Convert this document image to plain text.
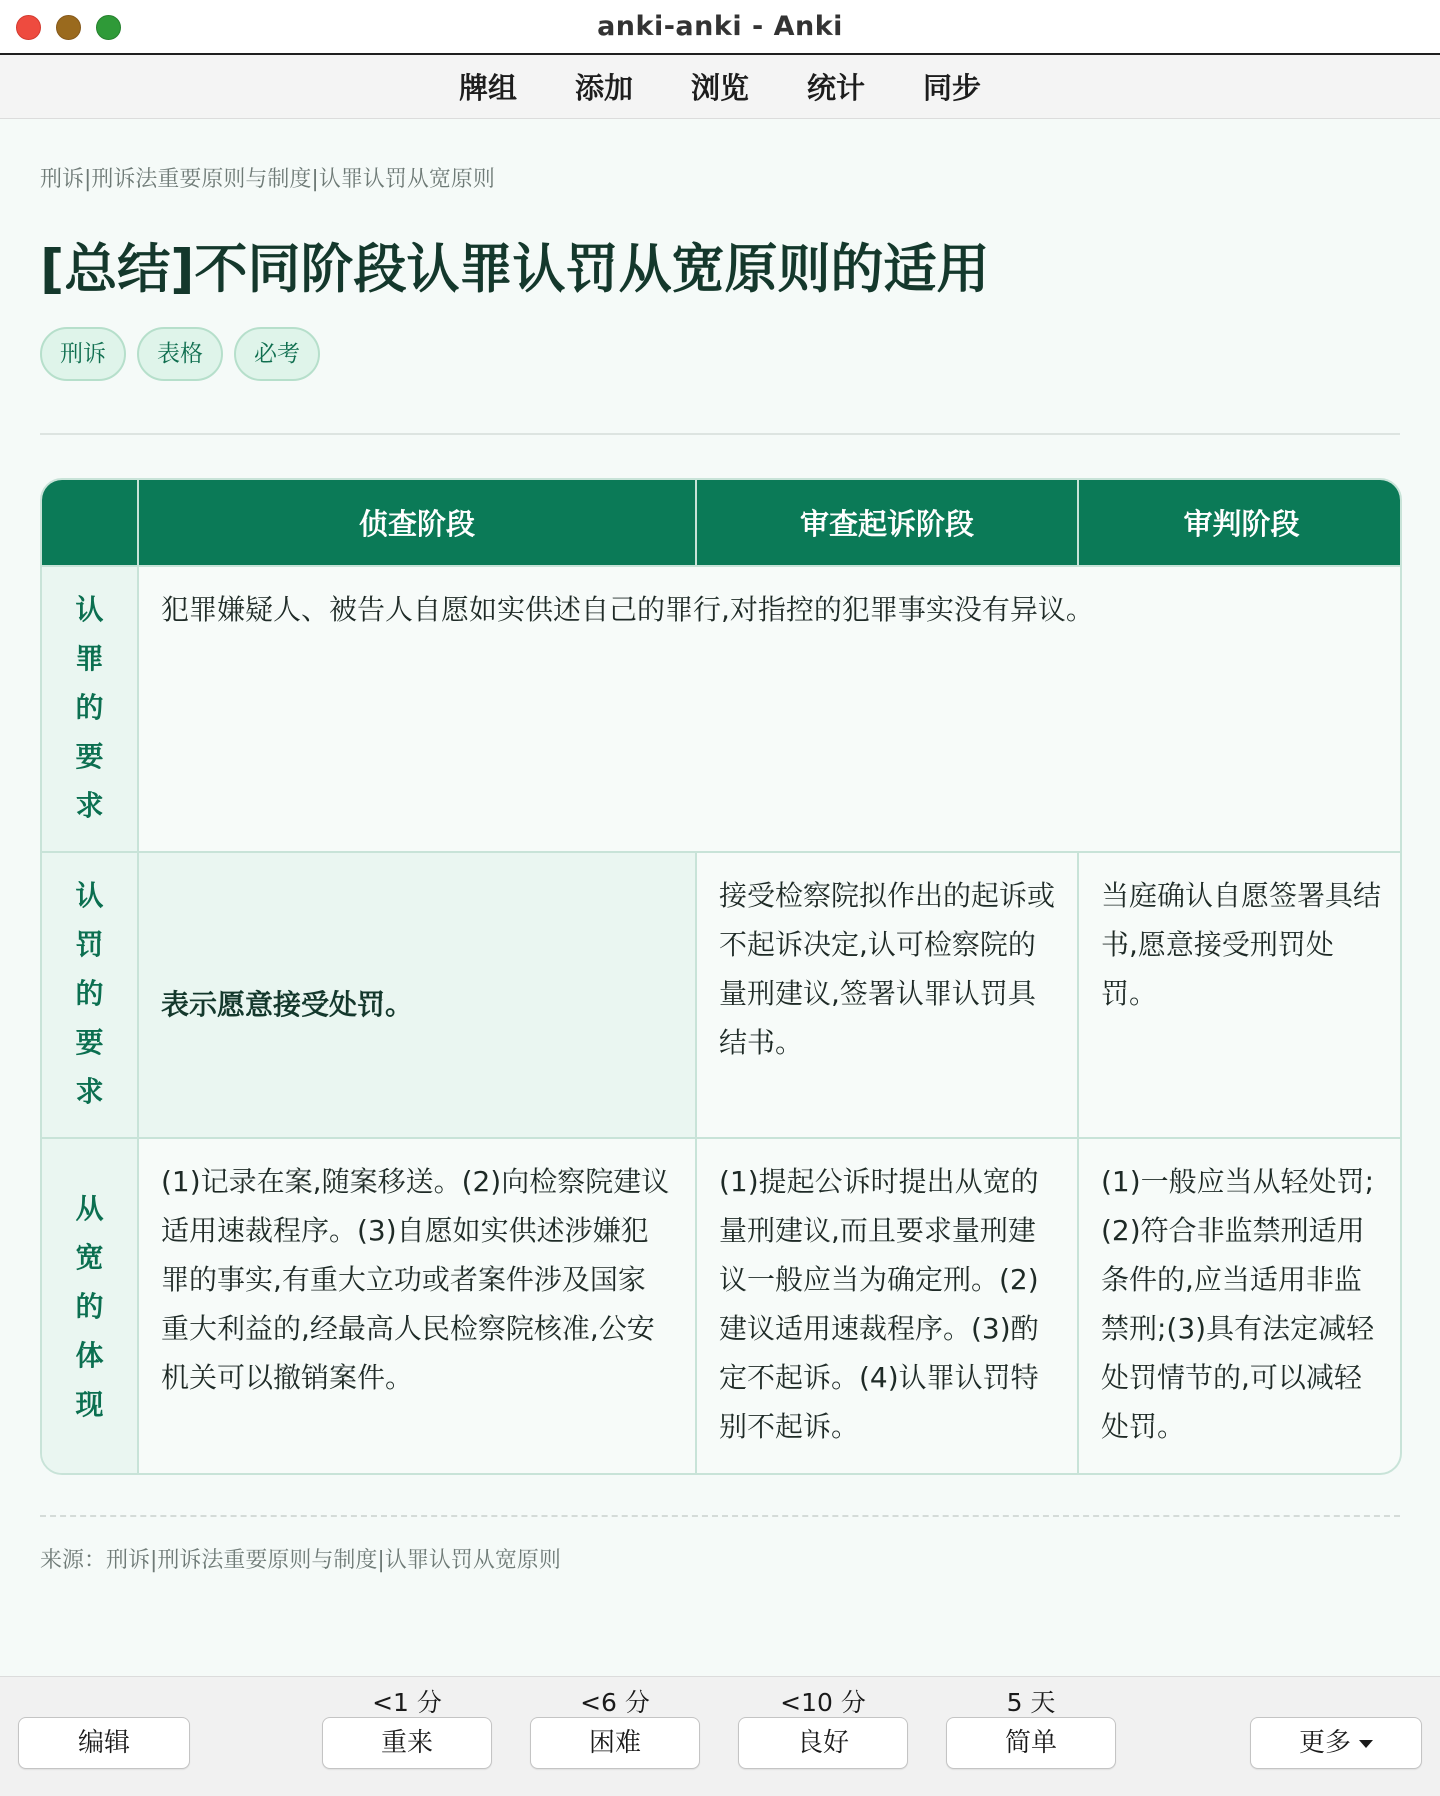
anki-anki - Anki
牌组 添加 浏览 统计 同步
刑诉|刑诉法重要原则与制度|认罪认罚从宽原则
[总结]不同阶段认罪认罚从宽原则的适用
刑诉	表格	必考
	侦查阶段	审查起诉阶段	审判阶段

认
罪
的
要
求	犯罪嫌疑人、被告人自愿如实供述自己的罪行,对指控的犯罪事实没有异议。		

认
罚
的
要
求	表示愿意接受处罚。	接受检察院拟作出的起诉或不起诉决定,认可检察院的量刑建议,签署认罪认罚具结书。	当庭确认自愿签署具结书,愿意接受刑罚处罚。

从
宽
的
体
现	(1)记录在案,随案移送。(2)向检察院建议适用速裁程序。(3)自愿如实供述涉嫌犯罪的事实,有重大立功或者案件涉及国家重大利益的,经最高人民检察院核准,公安机关可以撤销案件。	(1)提起公诉时提出从宽的量刑建议,而且要求量刑建议一般应当为确定刑。(2)建议适用速裁程序。(3)酌定不起诉。(4)认罪认罚特别不起诉。	(1)一般应当从轻处罚;(2)符合非监禁刑适用条件的,应当适用非监禁刑;(3)具有法定减轻处罚情节的,可以减轻处罚。
来源：刑诉|刑诉法重要原则与制度|认罪认罚从宽原则
编辑
<1 分
重来
<6 分
困难
<10 分
良好
5 天
简单	更多
